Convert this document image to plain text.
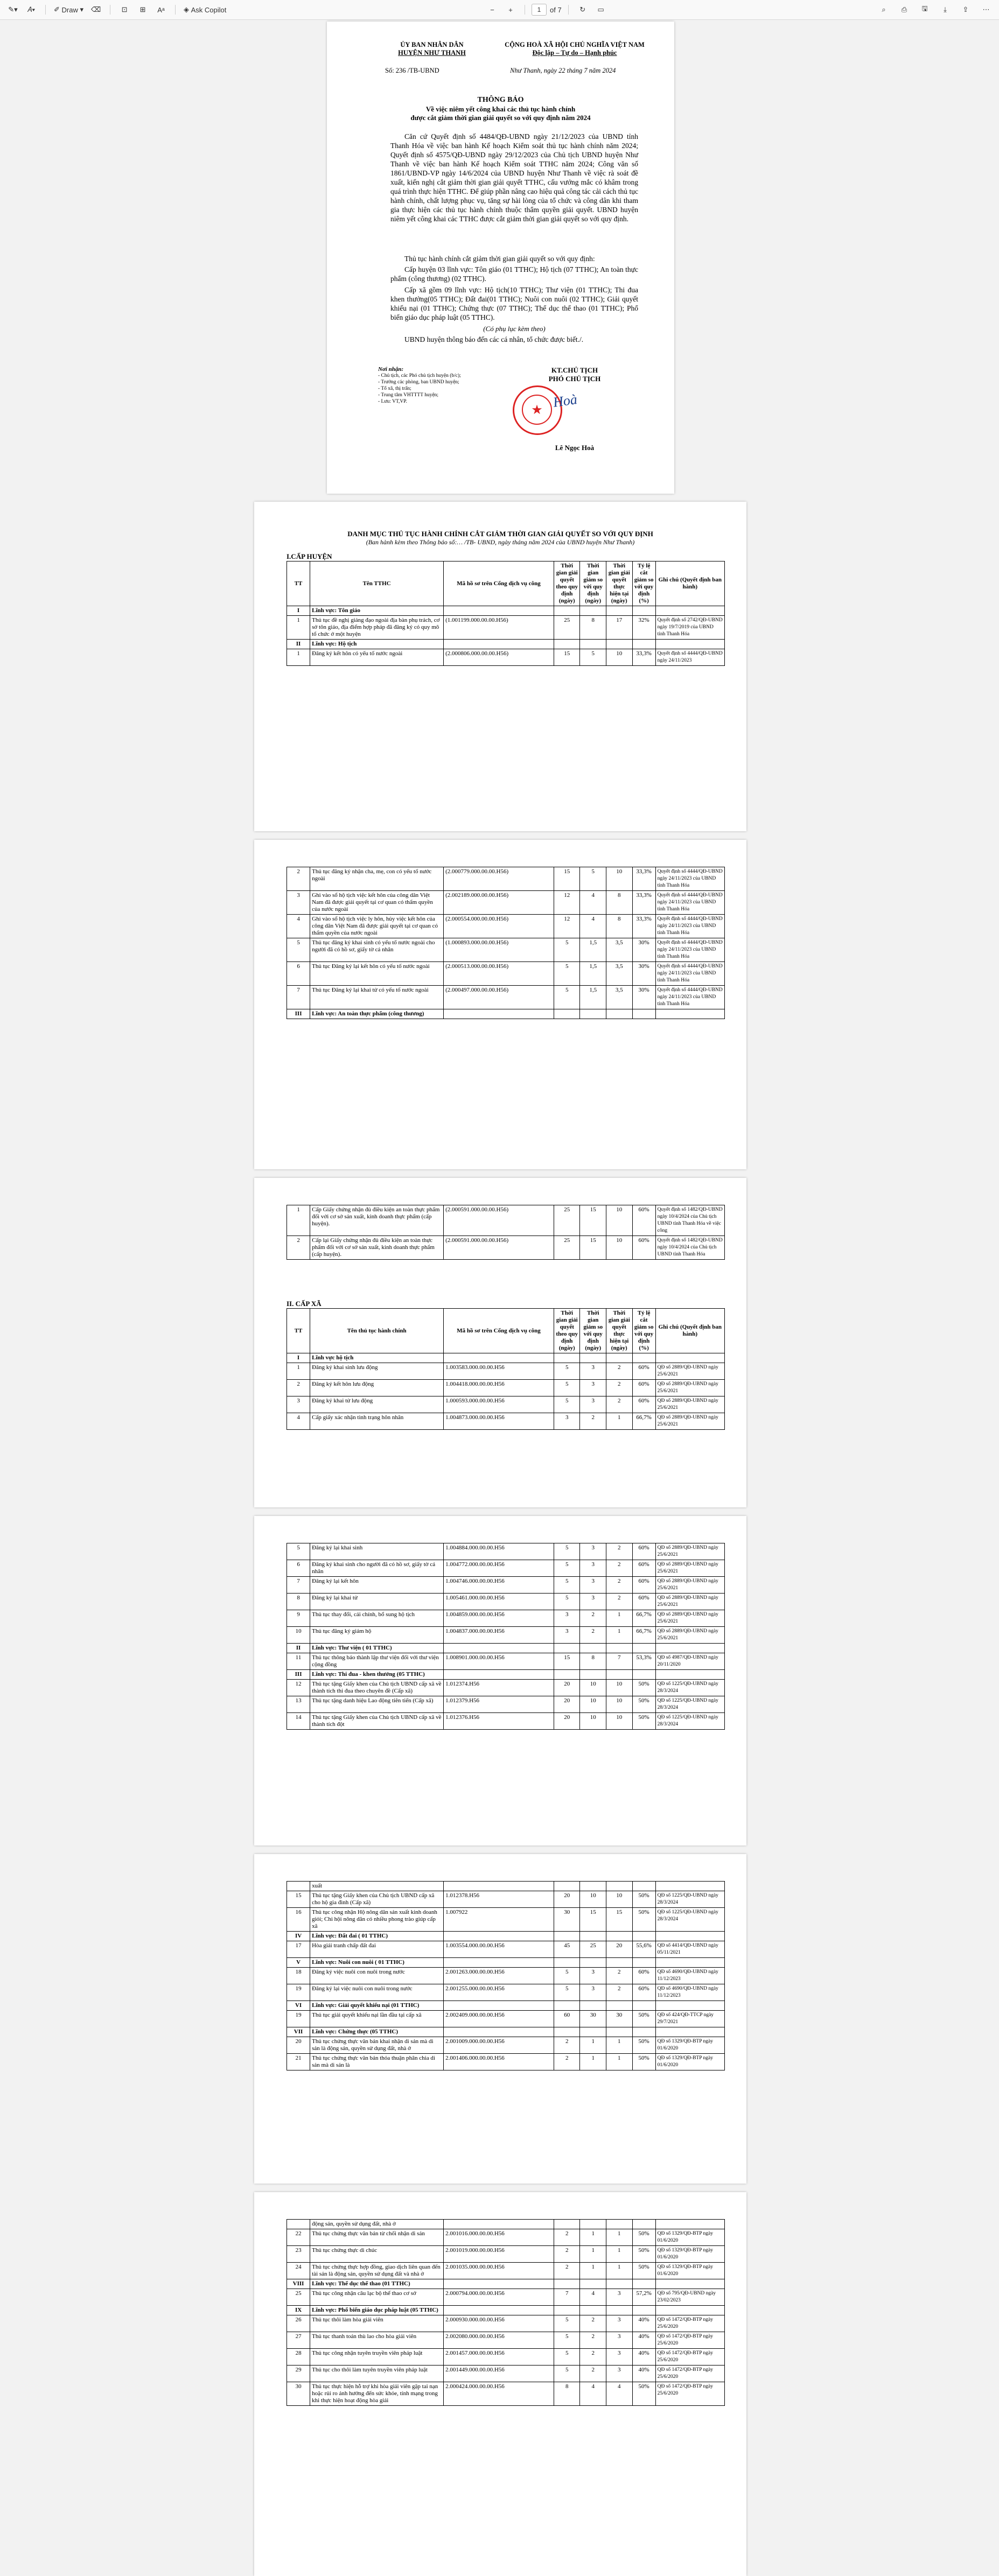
✎▾	𝐴▾	✐
Draw ▾	⌫	⊡	⊞	Aᵃ	◈
Ask Copilot	−	+	1	of 7	↻	▭	⌕	⎙	🖫	⤓	⇪	⋯
ỦY BAN NHÂN DÂN
HUYỆN NHƯ THANH
CỘNG HOÀ XÃ HỘI CHỦ NGHĨA VIỆT NAM
Độc lập – Tự do – Hạnh phúc
Số: 236 /TB-UBND	Như Thanh, ngày 22 tháng 7 năm 2024
THÔNG BÁO
Về việc niêm yết công khai các thủ tục hành chính
được cắt giảm thời gian giải quyết so với quy định năm 2024
Căn cứ Quyết định số 4484/QĐ-UBND ngày 21/12/2023 của UBND tỉnh Thanh Hóa về việc ban hành Kế hoạch Kiểm soát thủ tục hành chính năm 2024; Quyết định số 4575/QĐ-UBND ngày 29/12/2023 của Chủ tịch UBND huyện Như Thanh về việc ban hành Kế hoạch Kiểm soát TTHC năm 2024; Công văn số 1861/UBND-VP ngày 14/6/2024 của UBND huyện Như Thanh về việc rà soát đề xuất, kiến nghị cắt giảm thời gian giải quyết TTHC, cấu vướng mắc có khâm trong quá trình thực hiện TTHC. Để giúp phần nâng cao hiệu quả công tác cải cách thủ tục hành chính, chất lượng phục vụ, tăng sự hài lòng của tổ chức và công dân khi tham gia thực hiện các thủ tục hành chính thuộc thẩm quyền giải quyết. UBND huyện niêm yết công khai các TTHC được cắt giảm thời gian giải quyết so với quy định.
Thủ tục hành chính cắt giảm thời gian giải quyết so với quy định:
Cấp huyện 03 lĩnh vực: Tôn giáo (01 TTHC); Hộ tịch (07 TTHC); An toàn thực phẩm (công thương) (02 TTHC).
Cấp xã gồm 09 lĩnh vực: Hộ tịch(10 TTHC); Thư viện (01 TTHC); Thi đua khen thưởng(05 TTHC); Đất đai(01 TTHC); Nuôi con nuôi (02 TTHC); Giải quyết khiếu nại (01 TTHC); Chứng thực (07 TTHC); Thể dục thể thao (01 TTHC); Phổ biến giáo dục pháp luật (05 TTHC).
(Có phụ lục kèm theo)
UBND huyện thông báo đến các cá nhân, tổ chức được biết./.
Nơi nhận:
- Chủ tịch, các Phó chủ tịch huyện (b/c);
- Trưởng các phòng, ban UBND huyện;
- Tổ xã, thị trấn;
- Trung tâm VHTTTT huyện;
- Lưu: VT,VP.
KT.CHỦ TỊCH
PHÓ CHỦ TỊCH
★ Hoà
Lê Ngọc Hoà
DANH MỤC THỦ TỤC HÀNH CHÍNH CẮT GIẢM THỜI GIAN GIẢI QUYẾT SO VỚI QUY ĐỊNH
(Ban hành kèm theo Thông báo số:… /TB- UBND, ngày tháng năm 2024 của UBND huyện Như Thanh)
I.CẤP HUYỆN
TT	Tên TTHC	Mã hồ sơ trên Cổng dịch vụ công	Thời gian giải quyết theo quy định (ngày)	Thời gian giảm so với quy định (ngày)	Thời gian giải quyết thực hiện tại (ngày)	Tỷ lệ cắt giảm so với quy định (%)	Ghi chú (Quyết định ban hành)
I	Lĩnh vực: Tôn giáo						
1	Thủ tục đề nghị giảng đạo ngoài địa bàn phụ trách, cơ sở tôn giáo, địa điểm hợp pháp đã đăng ký có quy mô tổ chức ở một huyện	(1.001199.000.00.00.H56)	25	8	17	32%	Quyết định số 2742/QĐ-UBND ngày 19/7/2019 của UBND tỉnh Thanh Hóa
II	Lĩnh vực: Hộ tịch						
1	Đăng ký kết hôn có yếu tố nước ngoài	(2.000806.000.00.00.H56)	15	5	10	33,3%	Quyết định số 4444/QĐ-UBND ngày 24/11/2023
2	Thủ tục đăng ký nhận cha, mẹ, con có yếu tố nước ngoài	(2.000779.000.00.00.H56)	15	5	10	33,3%	Quyết định số 4444/QĐ-UBND ngày 24/11/2023 của UBND tỉnh Thanh Hóa
3	Ghi vào sổ hộ tịch việc kết hôn của công dân Việt Nam đã được giải quyết tại cơ quan có thẩm quyền của nước ngoài	(2.002189.000.00.00.H56)	12	4	8	33,3%	Quyết định số 4444/QĐ-UBND ngày 24/11/2023 của UBND tỉnh Thanh Hóa
4	Ghi vào sổ hộ tịch việc ly hôn, hủy việc kết hôn của công dân Việt Nam đã được giải quyết tại cơ quan có thẩm quyền của nước ngoài	(2.000554.000.00.00.H56)	12	4	8	33,3%	Quyết định số 4444/QĐ-UBND ngày 24/11/2023 của UBND tỉnh Thanh Hóa
5	Thủ tục đăng ký khai sinh có yếu tố nước ngoài cho người đã có hồ sơ, giấy tờ cá nhân	(1.000893.000.00.00.H56)	5	1,5	3,5	30%	Quyết định số 4444/QĐ-UBND ngày 24/11/2023 của UBND tỉnh Thanh Hóa
6	Thủ tục Đăng ký lại kết hôn có yếu tố nước ngoài	(2.000513.000.00.00.H56)	5	1,5	3,5	30%	Quyết định số 4444/QĐ-UBND ngày 24/11/2023 của UBND tỉnh Thanh Hóa
7	Thủ tục Đăng ký lại khai tử có yếu tố nước ngoài	(2.000497.000.00.00.H56)	5	1,5	3,5	30%	Quyết định số 4444/QĐ-UBND ngày 24/11/2023 của UBND tỉnh Thanh Hóa
III	Lĩnh vực: An toàn thực phẩm (công thương)						
1	Cấp Giấy chứng nhận đủ điều kiện an toàn thực phẩm đối với cơ sở sản xuất, kinh doanh thực phẩm (cấp huyện).	(2.000591.000.00.00.H56)	25	15	10	60%	Quyết định số 1482/QĐ-UBND ngày 10/4/2024 của Chủ tịch UBND tỉnh Thanh Hóa về việc công
2	Cấp lại Giấy chứng nhận đủ điều kiện an toàn thực phẩm đối với cơ sở sản xuất, kinh doanh thực phẩm (cấp huyện).	(2.000591.000.00.00.H56)	25	15	10	60%	Quyết định số 1482/QĐ-UBND ngày 10/4/2024 của Chủ tịch UBND tỉnh Thanh Hóa
II. CẤP XÃ
TT	Tên thủ tục hành chính	Mã hồ sơ trên Cổng dịch vụ công	Thời gian giải quyết theo quy định (ngày)	Thời gian giảm so với quy định (ngày)	Thời gian giải quyết thực hiện tại (ngày)	Tỷ lệ cắt giảm so với quy định (%)	Ghi chú (Quyết định ban hành)
I	Lĩnh vực hộ tịch						
1	Đăng ký khai sinh lưu động	1.003583.000.00.00.H56	5	3	2	60%	QĐ số 2889/QĐ-UBND ngày 25/6/2021
2	Đăng ký kết hôn lưu động	1.004418.000.00.00.H56	5	3	2	60%	QĐ số 2889/QĐ-UBND ngày 25/6/2021
3	Đăng ký khai tử lưu động	1.000593.000.00.00.H56	5	3	2	60%	QĐ số 2889/QĐ-UBND ngày 25/6/2021
4	Cấp giấy xác nhận tình trạng hôn nhân	1.004873.000.00.00.H56	3	2	1	66,7%	QĐ số 2889/QĐ-UBND ngày 25/6/2021
5	Đăng ký lại khai sinh	1.004884.000.00.00.H56	5	3	2	60%	QĐ số 2889/QĐ-UBND ngày 25/6/2021
6	Đăng ký khai sinh cho người đã có hồ sơ, giấy tờ cá nhân	1.004772.000.00.00.H56	5	3	2	60%	QĐ số 2889/QĐ-UBND ngày 25/6/2021
7	Đăng ký lại kết hôn	1.004746.000.00.00.H56	5	3	2	60%	QĐ số 2889/QĐ-UBND ngày 25/6/2021
8	Đăng ký lại khai tử	1.005461.000.00.00.H56	5	3	2	60%	QĐ số 2889/QĐ-UBND ngày 25/6/2021
9	Thủ tục thay đổi, cải chính, bổ sung hộ tịch	1.004859.000.00.00.H56	3	2	1	66,7%	QĐ số 2889/QĐ-UBND ngày 25/6/2021
10	Thủ tục đăng ký giám hộ	1.004837.000.00.00.H56	3	2	1	66,7%	QĐ số 2889/QĐ-UBND ngày 25/6/2021
II	Lĩnh vực: Thư viện ( 01 TTHC)						
11	Thủ tục thông báo thành lập thư viện đối với thư viện cộng đồng	1.008901.000.00.00.H56	15	8	7	53,3%	QĐ số 4987/QĐ-UBND ngày 20/11/2020
III	Lĩnh vực: Thi đua - khen thưởng (05 TTHC)						
12	Thủ tục tặng Giấy khen của Chủ tịch UBND cấp xã về thành tích thi đua theo chuyên đề (Cấp xã)	1.012374.H56	20	10	10	50%	QĐ số 1225/QĐ-UBND ngày 28/3/2024
13	Thủ tục tặng danh hiệu Lao động tiên tiến (Cấp xã)	1.012379.H56	20	10	10	50%	QĐ số 1225/QĐ-UBND ngày 28/3/2024
14	Thủ tục tặng Giấy khen của Chủ tịch UBND cấp xã về thành tích đột	1.012376.H56	20	10	10	50%	QĐ số 1225/QĐ-UBND ngày 28/3/2024
	xuất						
15	Thủ tục tặng Giấy khen của Chủ tịch UBND cấp xã cho hộ gia đình (Cấp xã)	1.012378.H56	20	10	10	50%	QĐ số 1225/QĐ-UBND ngày 28/3/2024
16	Thủ tục công nhận Hộ nông dân sản xuất kinh doanh giỏi; Chi hội nông dân có nhiều phong trào giúp cấp xã	1.007922	30	15	15	50%	QĐ số 1225/QĐ-UBND ngày 28/3/2024
IV	Lĩnh vực: Đất đai ( 01 TTHC)						
17	Hòa giải tranh chấp đất đai	1.003554.000.00.00.H56	45	25	20	55,6%	QĐ số 4414/QĐ-UBND ngày 05/11/2021
V	Lĩnh vực: Nuôi con nuôi ( 01 TTHC)						
18	Đăng ký việc nuôi con nuôi trong nước	2.001263.000.00.00.H56	5	3	2	60%	QĐ số 4690/QĐ-UBND ngày 11/12/2023
19	Đăng ký lại việc nuôi con nuôi trong nước	2.001255.000.00.00.H56	5	3	2	60%	QĐ số 4690/QĐ-UBND ngày 11/12/2023
VI	Lĩnh vực: Giải quyết khiếu nại (01 TTHC)						
19	Thủ tục giải quyết khiếu nại lần đầu tại cấp xã	2.002409.000.00.00.H56	60	30	30	50%	QĐ số 424/QĐ-TTCP ngày 29/7/2021
VII	Lĩnh vực: Chứng thực (05 TTHC)						
20	Thủ tục chứng thực văn bản khai nhận di sản mà di sản là động sản, quyền sử dụng đất, nhà ở	2.001009.000.00.00.H56	2	1	1	50%	QĐ số 1329/QĐ-BTP ngày 01/6/2020
21	Thủ tục chứng thực văn bản thỏa thuận phân chia di sản mà di sản là	2.001406.000.00.00.H56	2	1	1	50%	QĐ số 1329/QĐ-BTP ngày 01/6/2020
	động sản, quyền sử dụng đất, nhà ở						
22	Thủ tục chứng thực văn bản từ chối nhận di sản	2.001016.000.00.00.H56	2	1	1	50%	QĐ số 1329/QĐ-BTP ngày 01/6/2020
23	Thủ tục chứng thực di chúc	2.001019.000.00.00.H56	2	1	1	50%	QĐ số 1329/QĐ-BTP ngày 01/6/2020
24	Thủ tục chứng thực hợp đồng, giao dịch liên quan đến tài sản là động sản, quyền sử dụng đất và nhà ở	2.001035.000.00.00.H56	2	1	1	50%	QĐ số 1329/QĐ-BTP ngày 01/6/2020
VIII	Lĩnh vực: Thể dục thể thao (01 TTHC)						
25	Thủ tục công nhận câu lạc bộ thể thao cơ sở	2.000794.000.00.00.H56	7	4	3	57,2%	QĐ số 795/QĐ-UBND ngày 23/02/2023
IX	Lĩnh vực: Phổ biến giáo dục pháp luật (05 TTHC)						
26	Thủ tục thôi làm hòa giải viên	2.000930.000.00.00.H56	5	2	3	40%	QĐ số 1472/QĐ-BTP ngày 25/6/2020
27	Thủ tục thanh toán thù lao cho hòa giải viên	2.002080.000.00.00.H56	5	2	3	40%	QĐ số 1472/QĐ-BTP ngày 25/6/2020
28	Thủ tục công nhận tuyên truyền viên pháp luật	2.001457.000.00.00.H56	5	2	3	40%	QĐ số 1472/QĐ-BTP ngày 25/6/2020
29	Thủ tục cho thôi làm tuyên truyền viên pháp luật	2.001449.000.00.00.H56	5	2	3	40%	QĐ số 1472/QĐ-BTP ngày 25/6/2020
30	Thủ tục thực hiện hỗ trợ khi hòa giải viên gặp tai nạn hoặc rủi ro ảnh hưởng đến sức khỏe, tính mạng trong khi thực hiện hoạt động hòa giải	2.000424.000.00.00.H56	8	4	4	50%	QĐ số 1472/QĐ-BTP ngày 25/6/2020
